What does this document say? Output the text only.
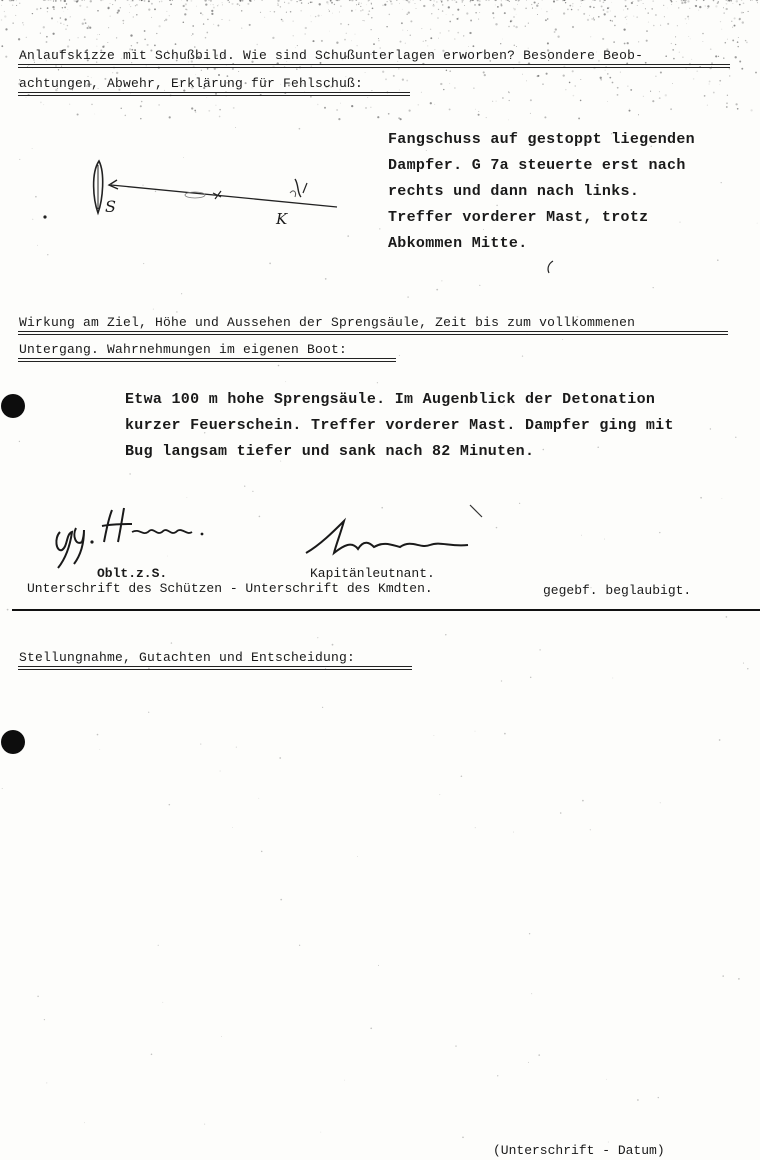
Anlaufskizze mit Schußbild. Wie sind Schußunterlagen erworben? Besondere Beob-
achtungen, Abwehr, Erklärung für Fehlschuß:
S
K
Fangschuss auf gestoppt liegenden
Dampfer. G 7a steuerte erst nach
rechts und dann nach links.
Treffer vorderer Mast, trotz
Abkommen Mitte.
Wirkung am Ziel, Höhe und Aussehen der Sprengsäule, Zeit bis zum vollkommenen
Untergang. Wahrnehmungen im eigenen Boot:
Etwa 100 m hohe Sprengsäule. Im Augenblick der Detonation
kurzer Feuerschein. Treffer vorderer Mast. Dampfer ging mit
Bug langsam tiefer und sank nach 82 Minuten.
Oblt.z.S.	Kapitänleutnant.
Unterschrift des Schützen - Unterschrift des Kmdten.	gegebf. beglaubigt.
Stellungnahme, Gutachten und Entscheidung:
(Unterschrift - Datum)
